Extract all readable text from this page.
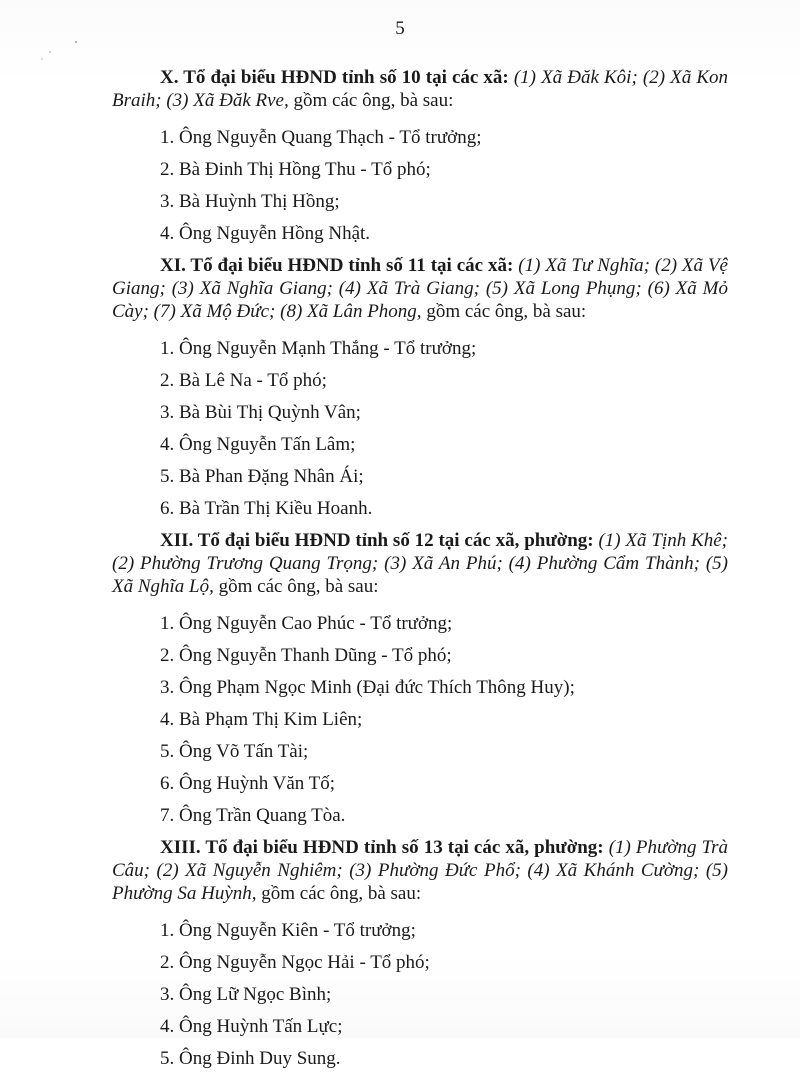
5

X. Tổ đại biểu HĐND tỉnh số 10 tại các xã: (1) Xã Đăk Kôi; (2) Xã Kon Braih; (3) Xã Đăk Rve, gồm các ông, bà sau:

1. Ông Nguyễn Quang Thạch - Tổ trưởng;
2. Bà Đinh Thị Hồng Thu - Tổ phó;
3. Bà Huỳnh Thị Hồng;
4. Ông Nguyễn Hồng Nhật.

XI. Tổ đại biểu HĐND tỉnh số 11 tại các xã: (1) Xã Tư Nghĩa; (2) Xã Vệ Giang; (3) Xã Nghĩa Giang; (4) Xã Trà Giang; (5) Xã Long Phụng; (6) Xã Mỏ Cày; (7) Xã Mộ Đức; (8) Xã Lân Phong, gồm các ông, bà sau:

1. Ông Nguyễn Mạnh Thắng - Tổ trưởng;
2. Bà Lê Na - Tổ phó;
3. Bà Bùi Thị Quỳnh Vân;
4. Ông Nguyễn Tấn Lâm;
5. Bà Phan Đặng Nhân Ái;
6. Bà Trần Thị Kiều Hoanh.

XII. Tổ đại biểu HĐND tỉnh số 12 tại các xã, phường: (1) Xã Tịnh Khê; (2) Phường Trương Quang Trọng; (3) Xã An Phú; (4) Phường Cẩm Thành; (5) Xã Nghĩa Lộ, gồm các ông, bà sau:

1. Ông Nguyễn Cao Phúc - Tổ trưởng;
2. Ông Nguyễn Thanh Dũng - Tổ phó;
3. Ông Phạm Ngọc Minh (Đại đức Thích Thông Huy);
4. Bà Phạm Thị Kim Liên;
5. Ông Võ Tấn Tài;
6. Ông Huỳnh Văn Tố;
7. Ông Trần Quang Tòa.

XIII. Tổ đại biểu HĐND tỉnh số 13 tại các xã, phường: (1) Phường Trà Câu; (2) Xã Nguyễn Nghiêm; (3) Phường Đức Phổ; (4) Xã Khánh Cường; (5) Phường Sa Huỳnh, gồm các ông, bà sau:

1. Ông Nguyễn Kiên - Tổ trưởng;
2. Ông Nguyễn Ngọc Hải - Tổ phó;
3. Ông Lữ Ngọc Bình;
4. Ông Huỳnh Tấn Lực;
5. Ông Đinh Duy Sung.
